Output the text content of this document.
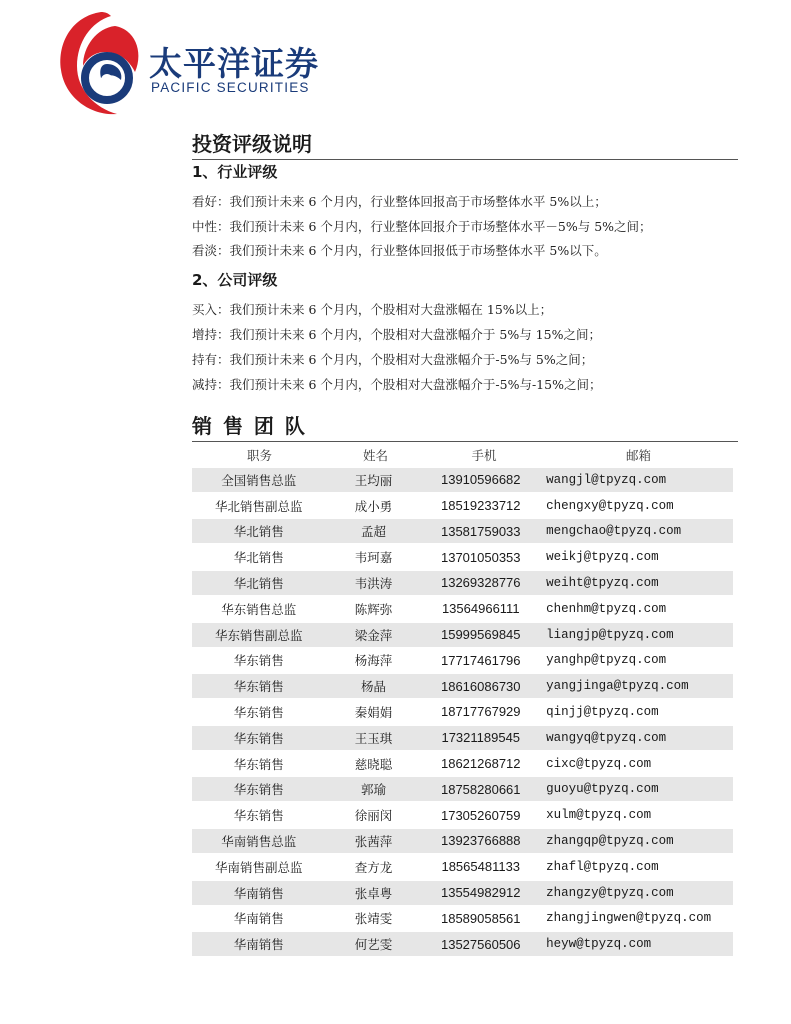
太平洋证券
PACIFIC SECURITIES
投资评级说明
1、行业评级
看好：我们预计未来 6 个月内，行业整体回报高于市场整体水平 5%以上；
中性：我们预计未来 6 个月内，行业整体回报介于市场整体水平－5%与 5%之间；
看淡：我们预计未来 6 个月内，行业整体回报低于市场整体水平 5%以下。
2、公司评级
买入：我们预计未来 6 个月内，个股相对大盘涨幅在 15%以上；
增持：我们预计未来 6 个月内，个股相对大盘涨幅介于 5%与 15%之间；
持有：我们预计未来 6 个月内，个股相对大盘涨幅介于-5%与 5%之间；
减持：我们预计未来 6 个月内，个股相对大盘涨幅介于-5%与-15%之间；
销 售 团 队
职务	姓名	手机	邮箱
全国销售总监	王均丽	13910596682	wangjl@tpyzq.com
华北销售副总监	成小勇	18519233712	chengxy@tpyzq.com
华北销售	孟超	13581759033	mengchao@tpyzq.com
华北销售	韦珂嘉	13701050353	weikj@tpyzq.com
华北销售	韦洪涛	13269328776	weiht@tpyzq.com
华东销售总监	陈辉弥	13564966111	chenhm@tpyzq.com
华东销售副总监	梁金萍	15999569845	liangjp@tpyzq.com
华东销售	杨海萍	17717461796	yanghp@tpyzq.com
华东销售	杨晶	18616086730	yangjinga@tpyzq.com
华东销售	秦娟娟	18717767929	qinjj@tpyzq.com
华东销售	王玉琪	17321189545	wangyq@tpyzq.com
华东销售	慈晓聪	18621268712	cixc@tpyzq.com
华东销售	郭瑜	18758280661	guoyu@tpyzq.com
华东销售	徐丽闵	17305260759	xulm@tpyzq.com
华南销售总监	张茜萍	13923766888	zhangqp@tpyzq.com
华南销售副总监	查方龙	18565481133	zhafl@tpyzq.com
华南销售	张卓粤	13554982912	zhangzy@tpyzq.com
华南销售	张靖雯	18589058561	zhangjingwen@tpyzq.com
华南销售	何艺雯	13527560506	heyw@tpyzq.com
